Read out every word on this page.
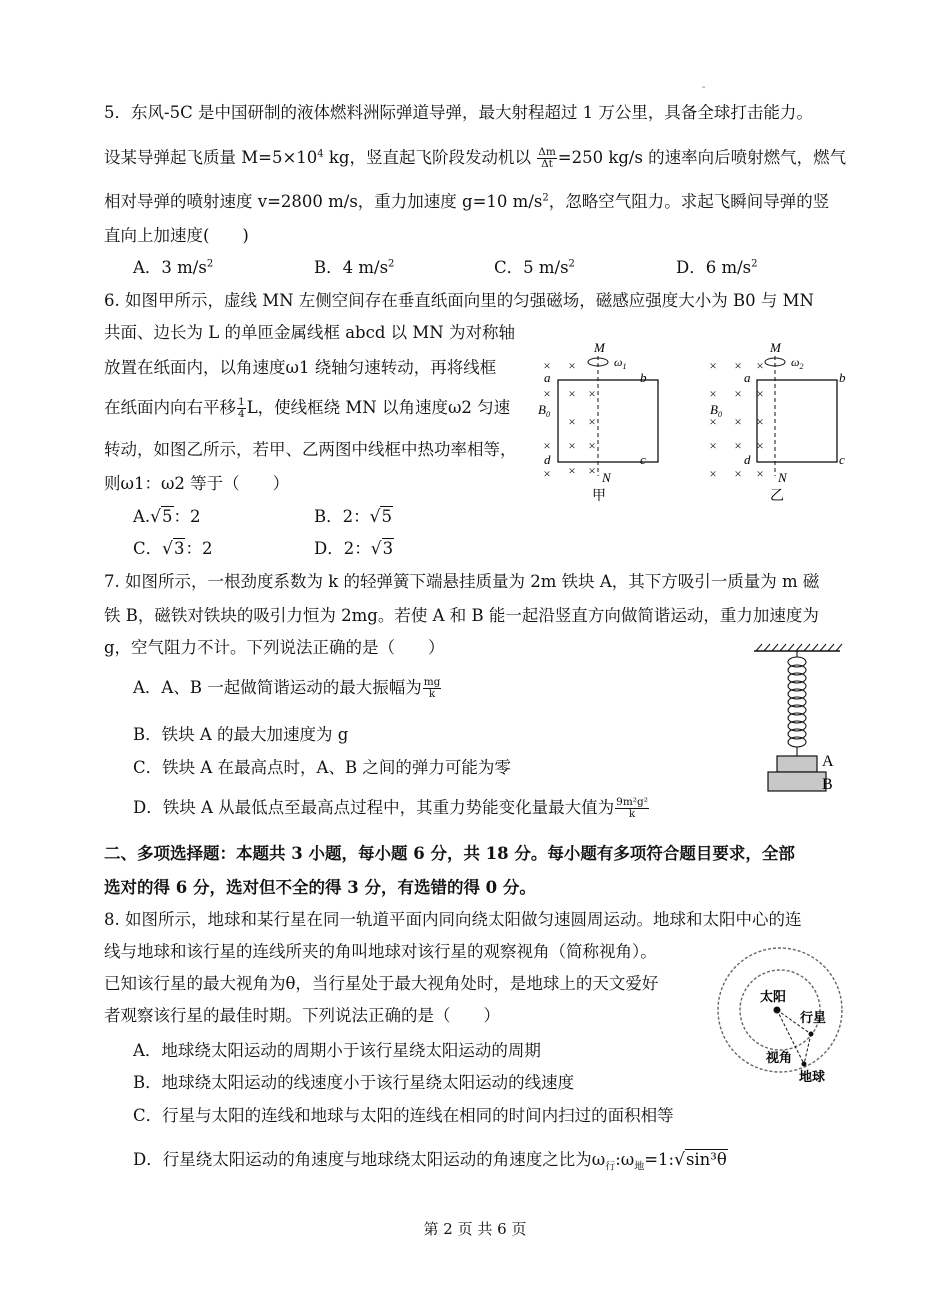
-
5．东风-5C 是中国研制的液体燃料洲际弹道导弹，最大射程超过 1 万公里，具备全球打击能力。
设某导弹起飞质量 $M=5\times 10^4$ kg，竖直起飞阶段发动机以 $\frac{\Delta m}{\Delta t} =250$ kg/s 的速率向后喷射燃气，燃气
相对导弹的喷射速度 v=2800 m/s，重力加速度 g=10 $m/s^2$，忽略空气阻力。求起飞瞬间导弹的竖
直向上加速度(　　)
A．3 $m/s^2$	B．4 $m/s^2$	C．5 $m/s^2$	D．6 $m/s^2$
6. 如图甲所示，虚线 MN 左侧空间存在垂直纸面向里的匀强磁场，磁感应强度大小为 B0 与 MN
共面、边长为 L 的单匝金属线框 abcd 以 MN 为对称轴
放置在纸面内，以角速度ω1 绕轴匀速转动，再将线框
在纸面内向右平移 $\frac{1}{4}$ L，使线框绕 MN 以角速度ω2 匀速
转动，如图乙所示，若甲、乙两图中线框中热功率相等，
则ω1：ω2 等于（　　）
A.√5：2	B．2：√5
C．√3：2	D．2：√3
× ×
× × ×
× ×
× × ×
× ×
×
M
$\omega_1$
a	b
c
d
$B_0$
N
甲
× × ×
× × ×
× × ×
× × ×
× × ×
M
$\omega_2$
a	b
c
d
$B_0$
N
乙
7. 如图所示，一根劲度系数为 k 的轻弹簧下端悬挂质量为 2m 铁块 A，其下方吸引一质量为 m 磁
铁 B，磁铁对铁块的吸引力恒为 2mg。若使 A 和 B 能一起沿竖直方向做简谐运动，重力加速度为
g，空气阻力不计。下列说法正确的是（　　）
A．A、B 一起做简谐运动的最大振幅为 $\frac{mg}{k}$
B．铁块 A 的最大加速度为 g
C．铁块 A 在最高点时，A、B 之间的弹力可能为零
D．铁块 A 从最低点至最高点过程中，其重力势能变化量最大值为 $\frac{\text{9m²g²}}{k}$
A
B
二、多项选择题：本题共 3 小题，每小题 6 分，共 18 分。每小题有多项符合题目要求，全部
选对的得 6 分，选对但不全的得 3 分，有选错的得 0 分。
8. 如图所示，地球和某行星在同一轨道平面内同向绕太阳做匀速圆周运动。地球和太阳中心的连
线与地球和该行星的连线所夹的角叫地球对该行星的观察视角（简称视角）。
已知该行星的最大视角为θ，当行星处于最大视角处时，是地球上的天文爱好
者观察该行星的最佳时期。下列说法正确的是（　　）
A．地球绕太阳运动的周期小于该行星绕太阳运动的周期
B．地球绕太阳运动的线速度小于该行星绕太阳运动的线速度
C．行星与太阳的连线和地球与太阳的连线在相同的时间内扫过的面积相等
D．行星绕太阳运动的角速度与地球绕太阳运动的角速度之比为$\omega_行:\omega_地=1:√\sin^3\theta$
太阳
行星
视角
地球
第 2 页 共 6 页
